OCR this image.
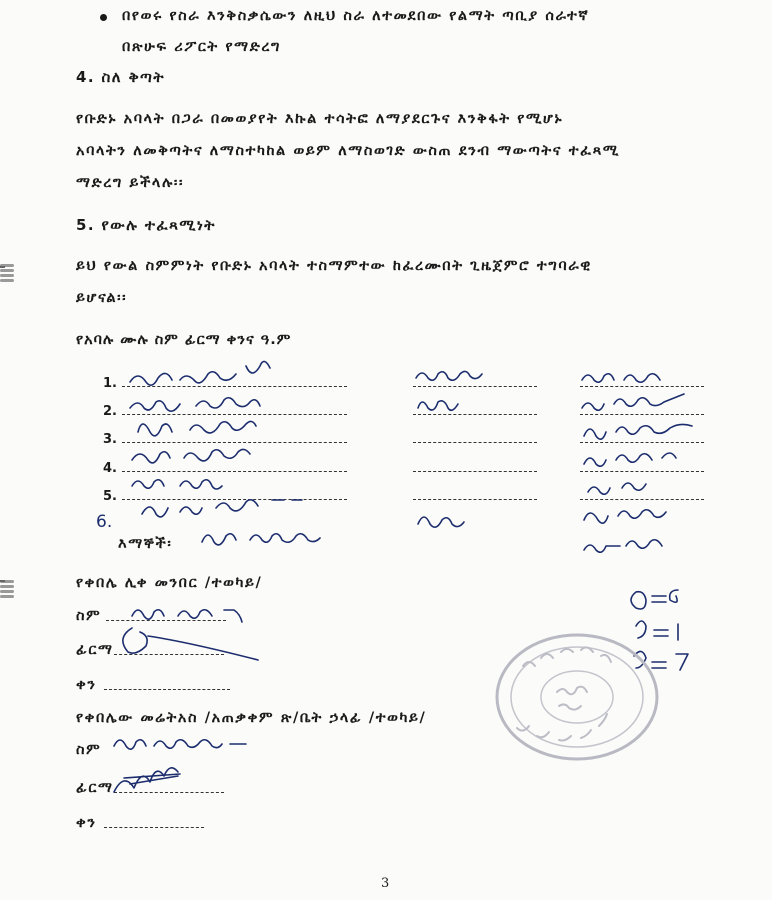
በየወሩ የስራ እንቅስቃሴውን ለዚህ ስራ ለተመደበው የልማት ጣቢያ ሰራተኛ
በጽሁፍ ሪፖርት የማድረግ
4. ስለ ቅጣት
የቡድኑ አባላት በጋራ በመወያየት እኩል ተሳትፎ ለማያደርጉና እንቅፋት የሚሆኑ
አባላትን ለመቅጣትና ለማስተካከል ወይም ለማስወገድ ውስጠ ደንብ ማውጣትና ተፈጻሚ
ማድረግ ይችላሉ፡፡
5. የውሉ ተፈጻሚነት
ይህ የውል ስምምነት የቡድኑ አባላት ተስማምተው ከፈረሙበት ጊዜጀምሮ ተግባራዊ
ይሆናል፡፡
የአባሉ ሙሉ ስም ፊርማ ቀንና ዓ.ም
1.
2.
3.
4.
5.
6.
እማኞች፡
የቀበሌ ሊቀ መንበር /ተወካይ/
ስም
ፊርማ
ቀን
የቀበሌው መሬትአስ /አጠቃቀም ጽ/ቤት ኃላፊ /ተወካይ/
ስም
ፊርማ
ቀን
3
